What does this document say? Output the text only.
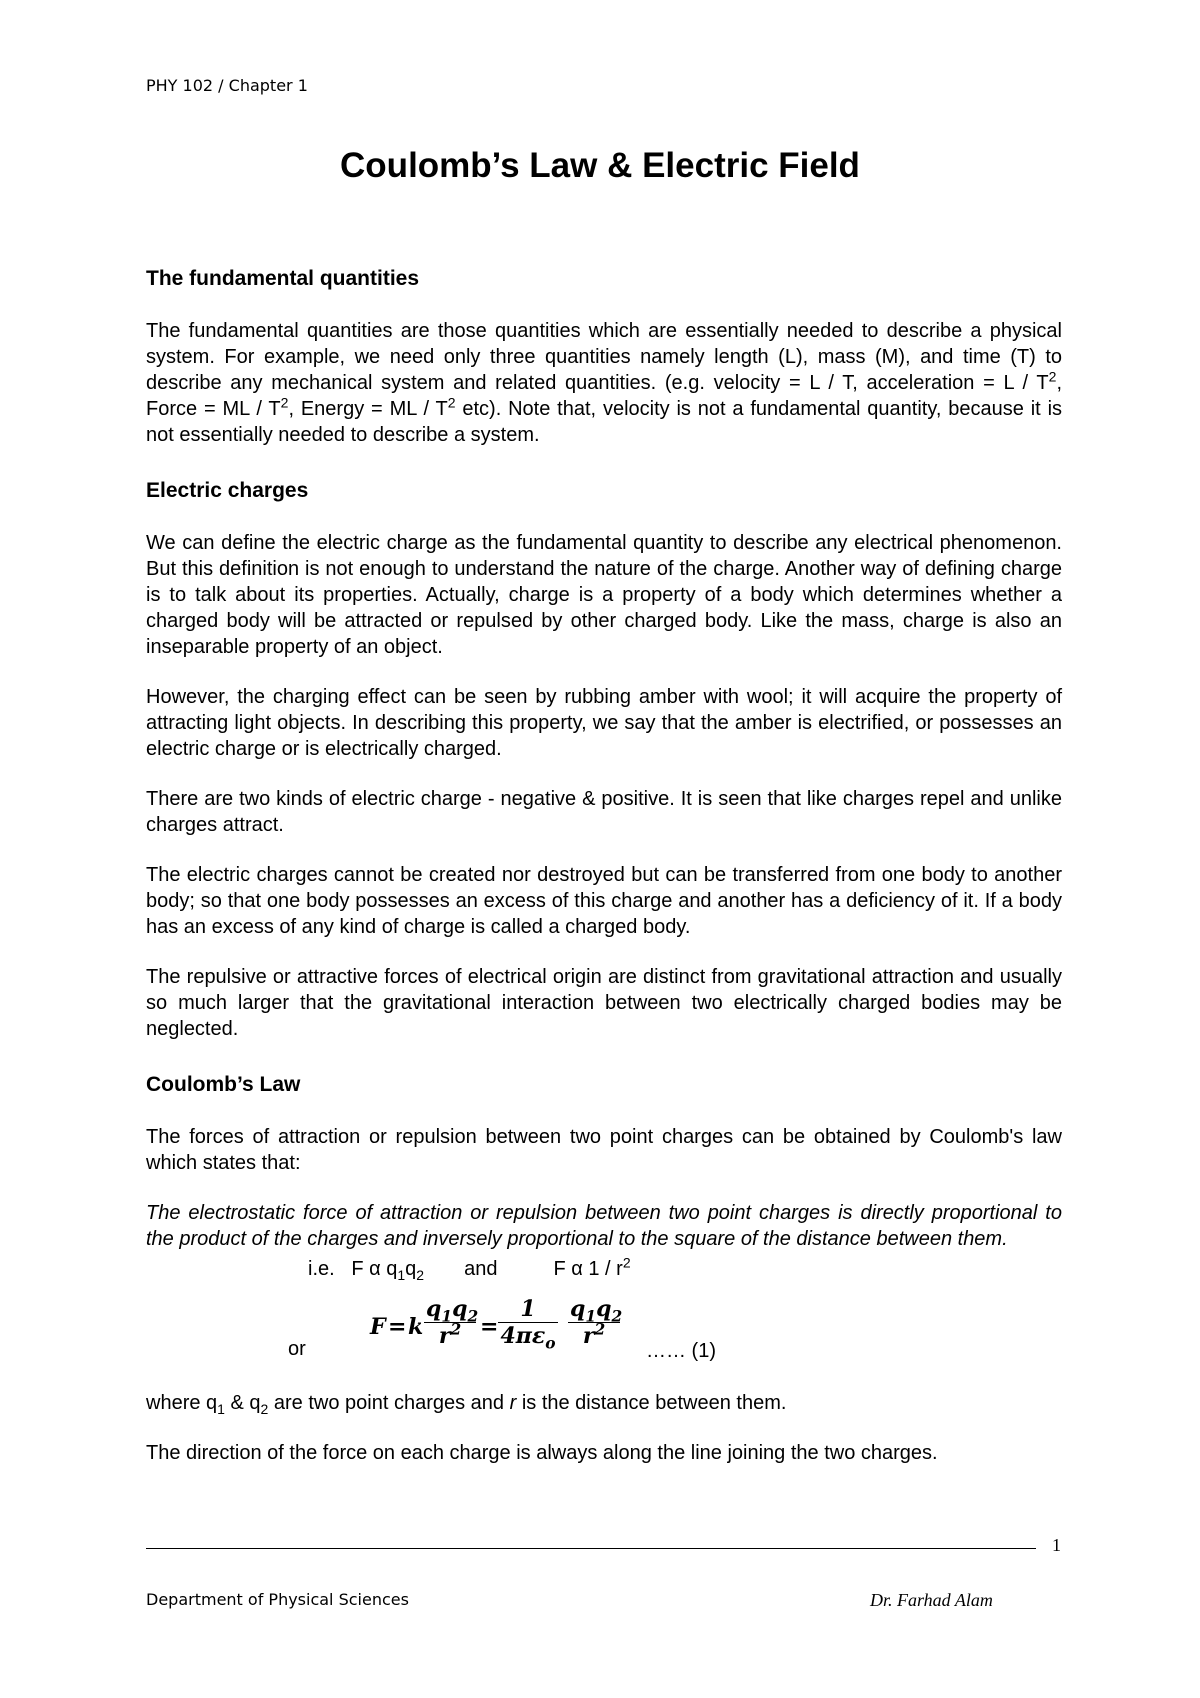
PHY 102 / Chapter 1
Coulomb’s Law & Electric Field
The fundamental quantities

The fundamental quantities are those quantities which are essentially needed to describe a physical system. For example, we need only three quantities namely length (L), mass (M), and time (T) to describe any mechanical system and related quantities. (e.g. velocity = L / T, acceleration = L / $T^2$, Force = ML / $T^2$, Energy = ML / $T^2$ etc). Note that, velocity is not a fundamental quantity, because it is not essentially needed to describe a system.

Electric charges

We can define the electric charge as the fundamental quantity to describe any electrical phenomenon. But this definition is not enough to understand the nature of the charge. Another way of defining charge is to talk about its properties. Actually, charge is a property of a body which determines whether a charged body will be attracted or repulsed by other charged body. Like the mass, charge is also an inseparable property of an object.

However, the charging effect can be seen by rubbing amber with wool; it will acquire the property of attracting light objects. In describing this property, we say that the amber is electrified, or possesses an electric charge or is electrically charged.

There are two kinds of electric charge - negative & positive. It is seen that like charges repel and unlike charges attract.

The electric charges cannot be created nor destroyed but can be transferred from one body to another body; so that one body possesses an excess of this charge and another has a deficiency of it. If a body has an excess of any kind of charge is called a charged body.

The repulsive or attractive forces of electrical origin are distinct from gravitational attraction and usually so much larger that the gravitational interaction between two electrically charged bodies may be neglected.

Coulomb’s Law

The forces of attraction or repulsion between two point charges can be obtained by Coulomb's law which states that:

The electrostatic force of attraction or repulsion between two point charges is directly proportional to the product of the charges and inversely proportional to the square of the distance between them.

i.e. F α $q_1q_2$ and	F α $1 / r^2$
or
F = k
$q_1q_2$
$r^2$ =
1
$4\pi\varepsilon_o$
$q_1q_2$
$r^2$
…… (1)

where $q_1$ & $q_2$ are two point charges and r is the distance between them.

The direction of the force on each charge is always along the line joining the two charges.

1
Department of Physical Sciences	Dr. Farhad Alam
